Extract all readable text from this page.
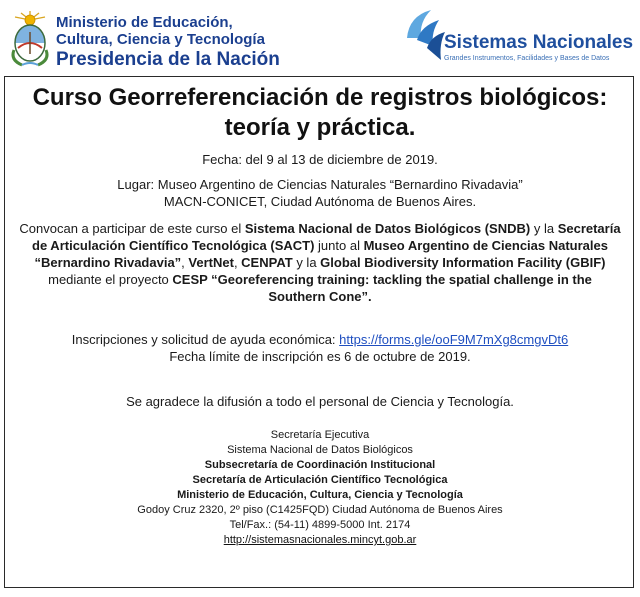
Ministerio de Educación,
Cultura, Ciencia y Tecnología
Presidencia de la Nación
Sistemas Nacionales
Grandes Instrumentos, Facilidades y Bases de Datos
Curso Georreferenciación de registros biológicos:
teoría y práctica.

Fecha: del 9 al 13 de diciembre de 2019.

Lugar: Museo Argentino de Ciencias Naturales “Bernardino Rivadavia”

MACN-CONICET, Ciudad Autónoma de Buenos Aires.

Convocan a participar de este curso el Sistema Nacional de Datos Biológicos (SNDB) y la Secretaría de Articulación Científico Tecnológica (SACT) junto al Museo Argentino de Ciencias Naturales “Bernardino Rivadavia”, VertNet, CENPAT y la Global Biodiversity Information Facility (GBIF) mediante el proyecto CESP “Georeferencing training: tackling the spatial challenge in the Southern Cone”.

Inscripciones y solicitud de ayuda económica: https://forms.gle/ooF9M7mXg8cmgvDt6

Fecha límite de inscripción es 6 de octubre de 2019.

Se agradece la difusión a todo el personal de Ciencia y Tecnología.

Secretaría Ejecutiva
Sistema Nacional de Datos Biológicos
Subsecretaría de Coordinación Institucional
Secretaría de Articulación Científico Tecnológica
Ministerio de Educación, Cultura, Ciencia y Tecnología
Godoy Cruz 2320, 2º piso (C1425FQD) Ciudad Autónoma de Buenos Aires
Tel/Fax.: (54-11) 4899-5000 Int. 2174
http://sistemasnacionales.mincyt.gob.ar
